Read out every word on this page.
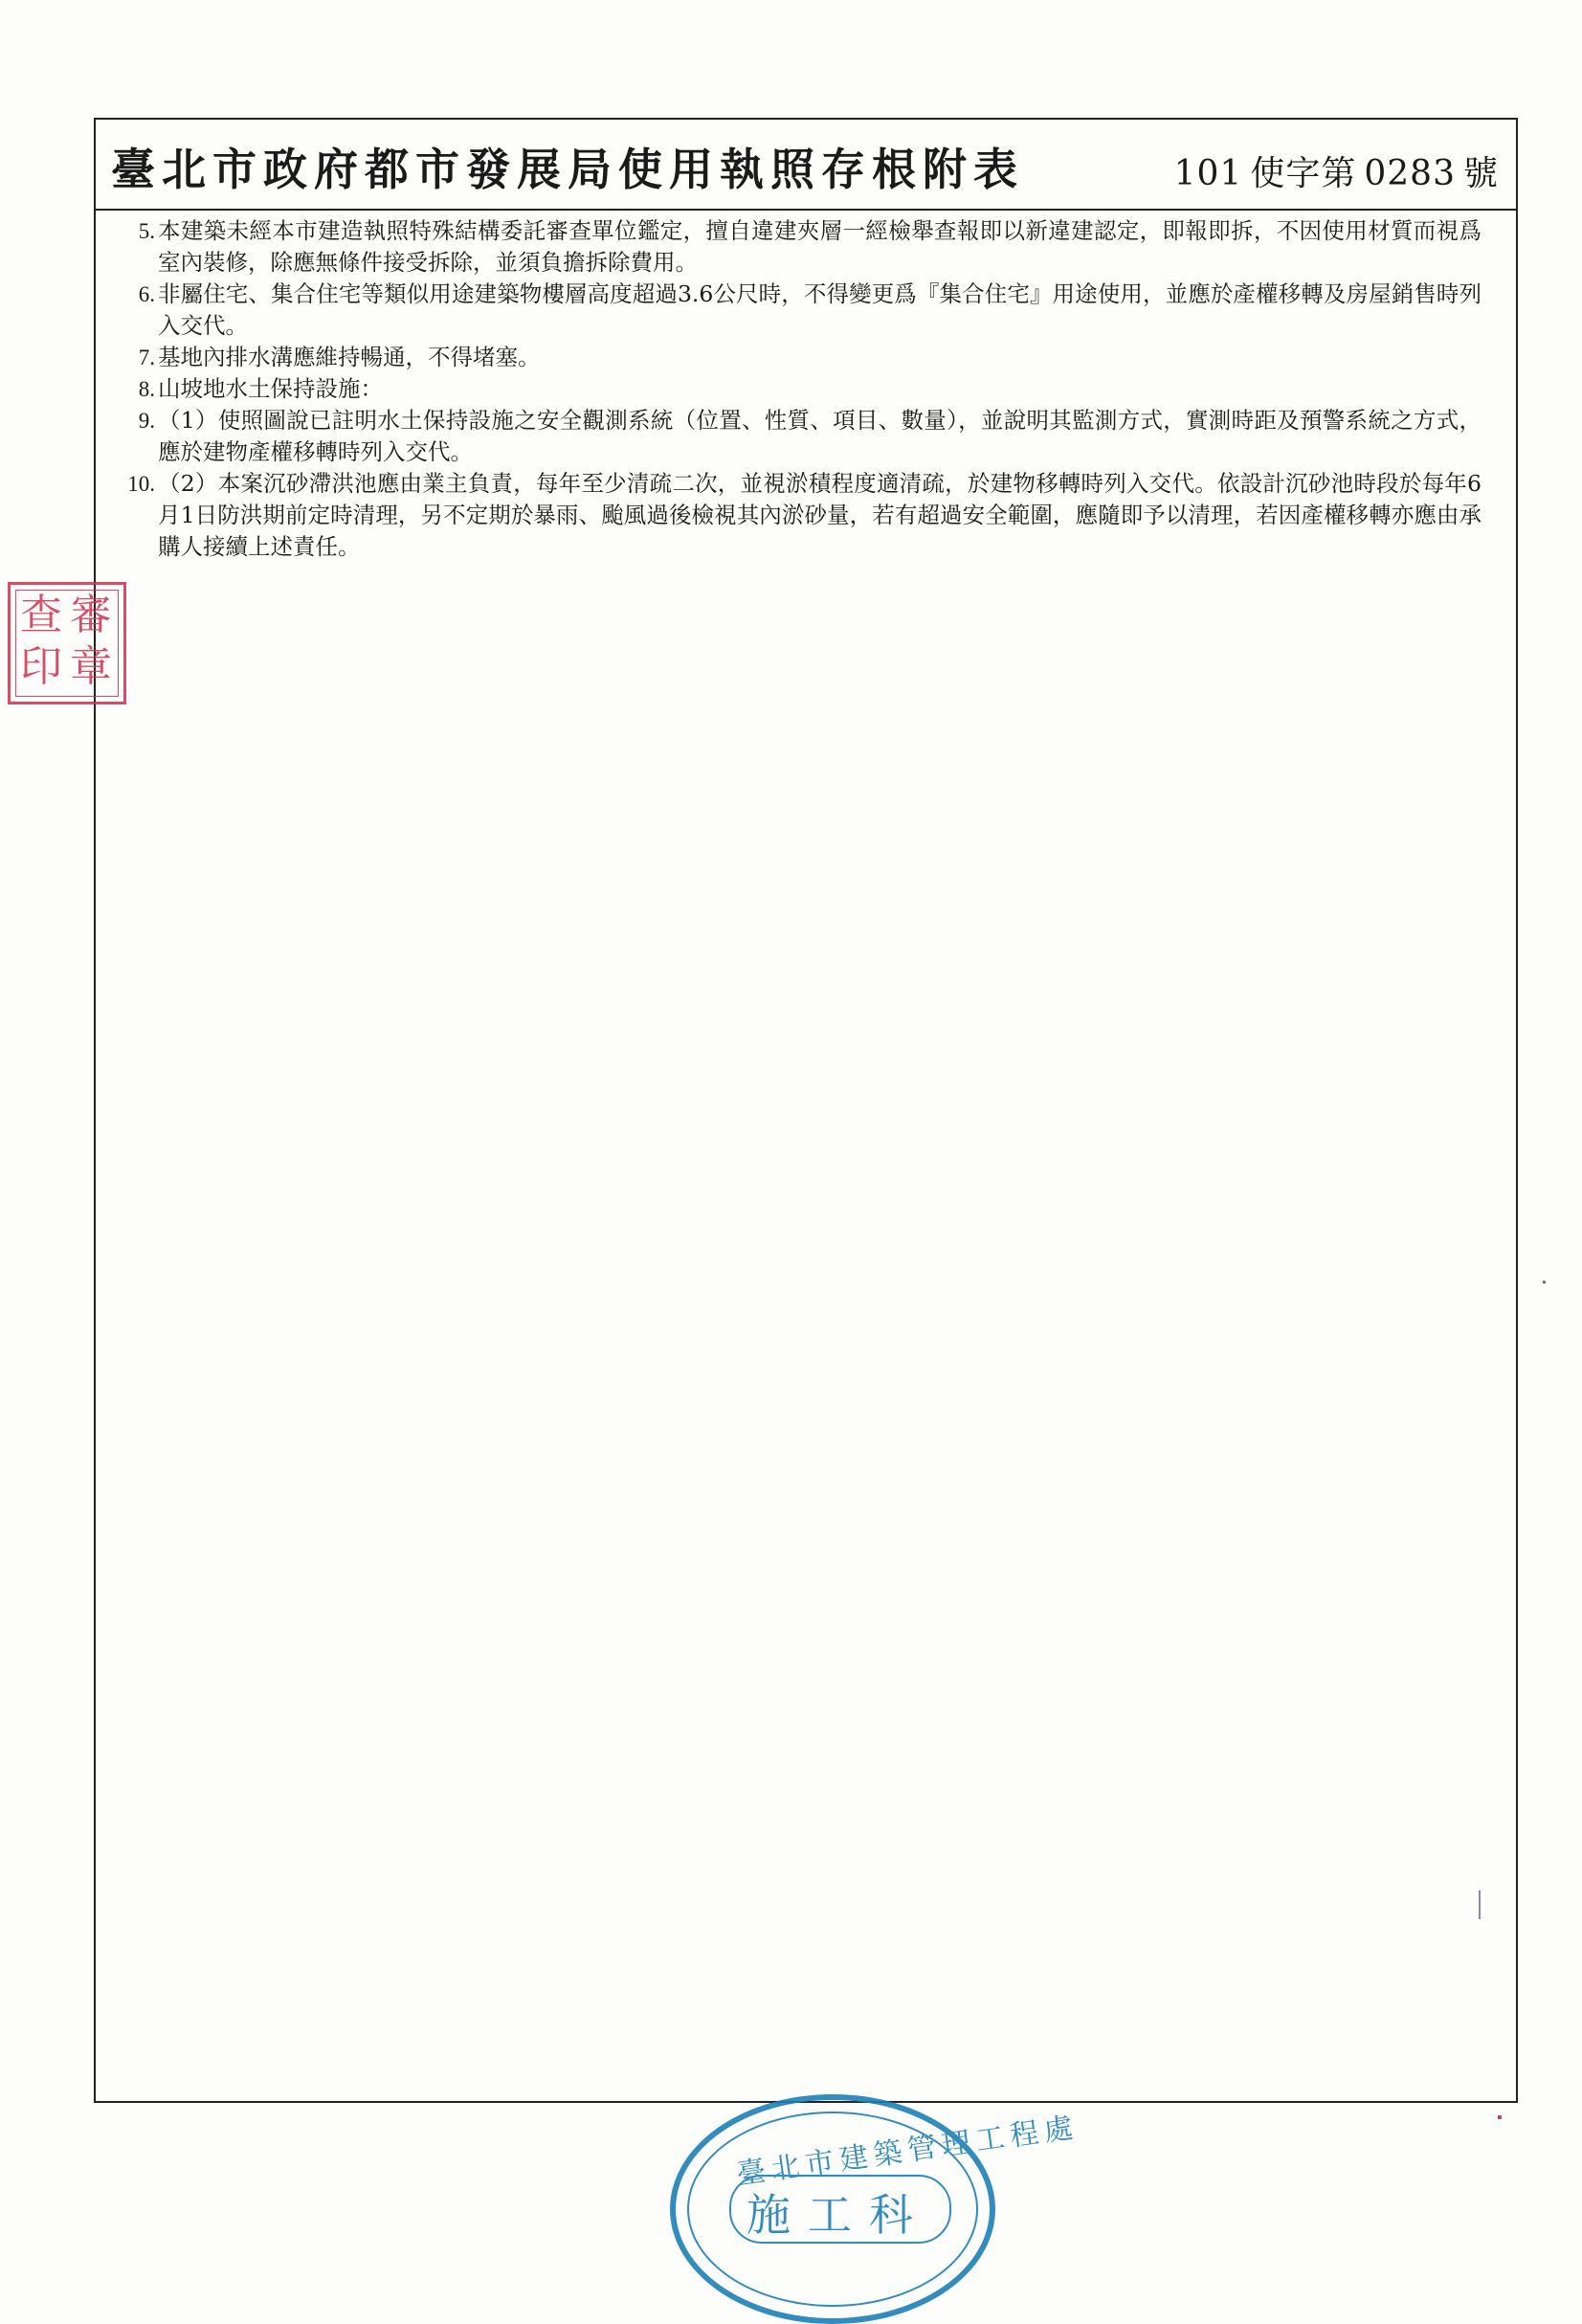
臺北市政府都市發展局使用執照存根附表	101 使字第 0283 號
5. 本建築未經本市建造執照特殊結構委託審查單位鑑定，擅自違建夾層一經檢舉查報即以新違建認定，即報即拆，不因使用材質而視爲室內裝修，除應無條件接受拆除，並須負擔拆除費用。
6. 非屬住宅、集合住宅等類似用途建築物樓層高度超過3.6公尺時，不得變更爲『集合住宅』用途使用，並應於產權移轉及房屋銷售時列入交代。
7. 基地內排水溝應維持暢通，不得堵塞。
8. 山坡地水土保持設施：
9. （1）使照圖說已註明水土保持設施之安全觀測系統（位置、性質、項目、數量），並說明其監測方式，實測時距及預警系統之方式，應於建物產權移轉時列入交代。
10. （2）本案沉砂滯洪池應由業主負責，每年至少清疏二次，並視淤積程度適清疏，於建物移轉時列入交代。依設計沉砂池時段於每年6月1日防洪期前定時清理，另不定期於暴雨、颱風過後檢視其內淤砂量，若有超過安全範圍，應隨即予以清理，若因產權移轉亦應由承購人接續上述責任。
審
章
查
印
臺北市建築管理工程處
施工科
